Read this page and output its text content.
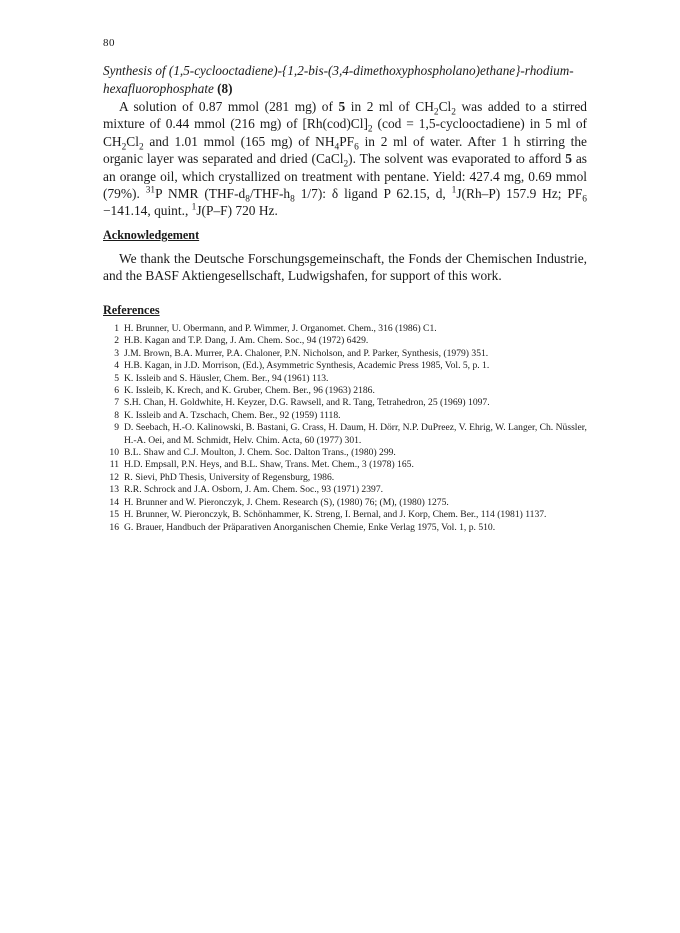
80
Synthesis of (1,5-cyclooctadiene)-{1,2-bis-(3,4-dimethoxyphospholano)ethane}-rhodium-hexafluorophosphate (8)

A solution of 0.87 mmol (281 mg) of 5 in 2 ml of $CH_2Cl_2$ was added to a stirred mixture of 0.44 mmol (216 mg) of $[Rh(cod)Cl]_2$ (cod = 1,5-cyclooctadiene) in 5 ml of $CH_2Cl_2$ and 1.01 mmol (165 mg) of $NH_4PF_6$ in 2 ml of water. After 1 h stirring the organic layer was separated and dried (CaCl$_2$). The solvent was evaporated to afford 5 as an orange oil, which crystallized on treatment with pentane. Yield: 427.4 mg, 0.69 mmol (79%). $^{31}$P NMR ($THF-d_8/THF-h_8$ 1/7): δ ligand P 62.15, d, $^1$J(Rh–P) 157.9 Hz; $PF_6 -141.14$, quint., $^1$J(P–F) 720 Hz.

Acknowledgement

We thank the Deutsche Forschungsgemeinschaft, the Fonds der Chemischen Industrie, and the BASF Aktiengesellschaft, Ludwigshafen, for support of this work.

References
1 H. Brunner, U. Obermann, and P. Wimmer, J. Organomet. Chem., 316 (1986) C1.
2 H.B. Kagan and T.P. Dang, J. Am. Chem. Soc., 94 (1972) 6429.
3 J.M. Brown, B.A. Murrer, P.A. Chaloner, P.N. Nicholson, and P. Parker, Synthesis, (1979) 351.
4 H.B. Kagan, in J.D. Morrison, (Ed.), Asymmetric Synthesis, Academic Press 1985, Vol. 5, p. 1.
5 K. Issleib and S. Häusler, Chem. Ber., 94 (1961) 113.
6 K. Issleib, K. Krech, and K. Gruber, Chem. Ber., 96 (1963) 2186.
7 S.H. Chan, H. Goldwhite, H. Keyzer, D.G. Rawsell, and R. Tang, Tetrahedron, 25 (1969) 1097.
8 K. Issleib and A. Tzschach, Chem. Ber., 92 (1959) 1118.
9 D. Seebach, H.-O. Kalinowski, B. Bastani, G. Crass, H. Daum, H. Dörr, N.P. DuPreez, V. Ehrig, W. Langer, Ch. Nüssler, H.-A. Oei, and M. Schmidt, Helv. Chim. Acta, 60 (1977) 301.
10 B.L. Shaw and C.J. Moulton, J. Chem. Soc. Dalton Trans., (1980) 299.
11 H.D. Empsall, P.N. Heys, and B.L. Shaw, Trans. Met. Chem., 3 (1978) 165.
12 R. Sievi, PhD Thesis, University of Regensburg, 1986.
13 R.R. Schrock and J.A. Osborn, J. Am. Chem. Soc., 93 (1971) 2397.
14 H. Brunner and W. Pieronczyk, J. Chem. Research (S), (1980) 76; (M), (1980) 1275.
15 H. Brunner, W. Pieronczyk, B. Schönhammer, K. Streng, I. Bernal, and J. Korp, Chem. Ber., 114 (1981) 1137.
16 G. Brauer, Handbuch der Präparativen Anorganischen Chemie, Enke Verlag 1975, Vol. 1, p. 510.
